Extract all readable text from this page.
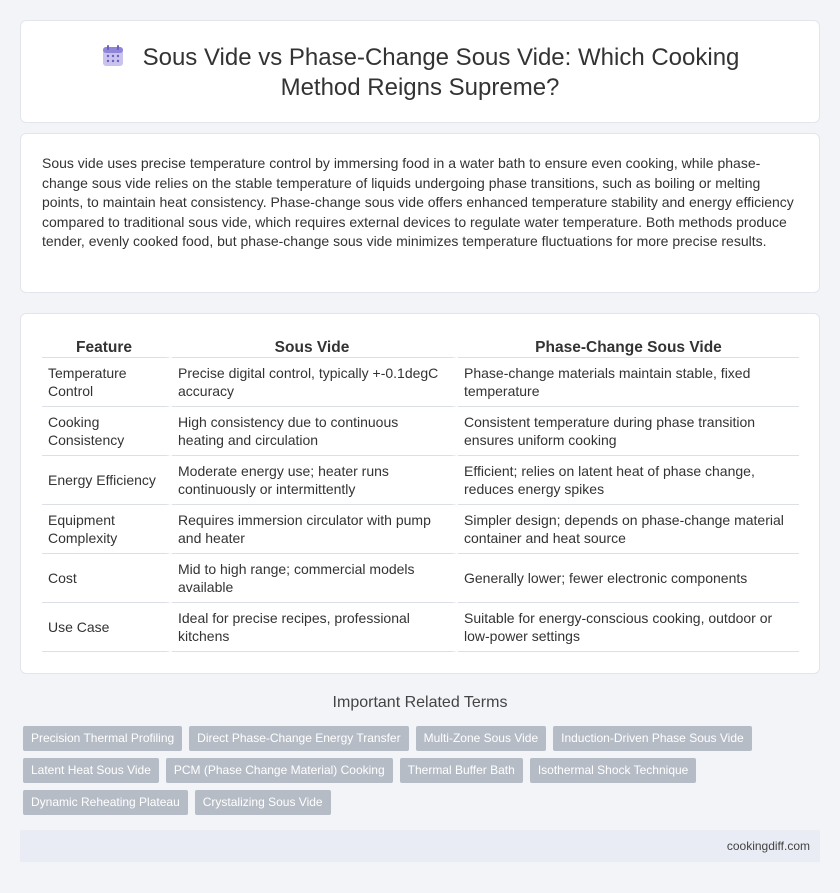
Sous Vide vs Phase-Change Sous Vide: Which Cooking Method Reigns Supreme?

Sous vide uses precise temperature control by immersing food in a water bath to ensure even cooking, while phase-change sous vide relies on the stable temperature of liquids undergoing phase transitions, such as boiling or melting points, to maintain heat consistency. Phase-change sous vide offers enhanced temperature stability and energy efficiency compared to traditional sous vide, which requires external devices to regulate water temperature. Both methods produce tender, evenly cooked food, but phase-change sous vide minimizes temperature fluctuations for more precise results.

Feature	Sous Vide	Phase-Change Sous Vide
Temperature Control	Precise digital control, typically +-0.1degC accuracy	Phase-change materials maintain stable, fixed temperature
Cooking Consistency	High consistency due to continuous heating and circulation	Consistent temperature during phase transition ensures uniform cooking
Energy Efficiency	Moderate energy use; heater runs continuously or intermittently	Efficient; relies on latent heat of phase change, reduces energy spikes
Equipment Complexity	Requires immersion circulator with pump and heater	Simpler design; depends on phase-change material container and heat source
Cost	Mid to high range; commercial models available	Generally lower; fewer electronic components
Use Case	Ideal for precise recipes, professional kitchens	Suitable for energy-conscious cooking, outdoor or low-power settings
Important Related Terms
Precision Thermal Profiling	Direct Phase-Change Energy Transfer	Multi-Zone Sous Vide	Induction-Driven Phase Sous Vide
Latent Heat Sous Vide	PCM (Phase Change Material) Cooking	Thermal Buffer Bath	Isothermal Shock Technique
Dynamic Reheating Plateau	Crystalizing Sous Vide
cookingdiff.com
